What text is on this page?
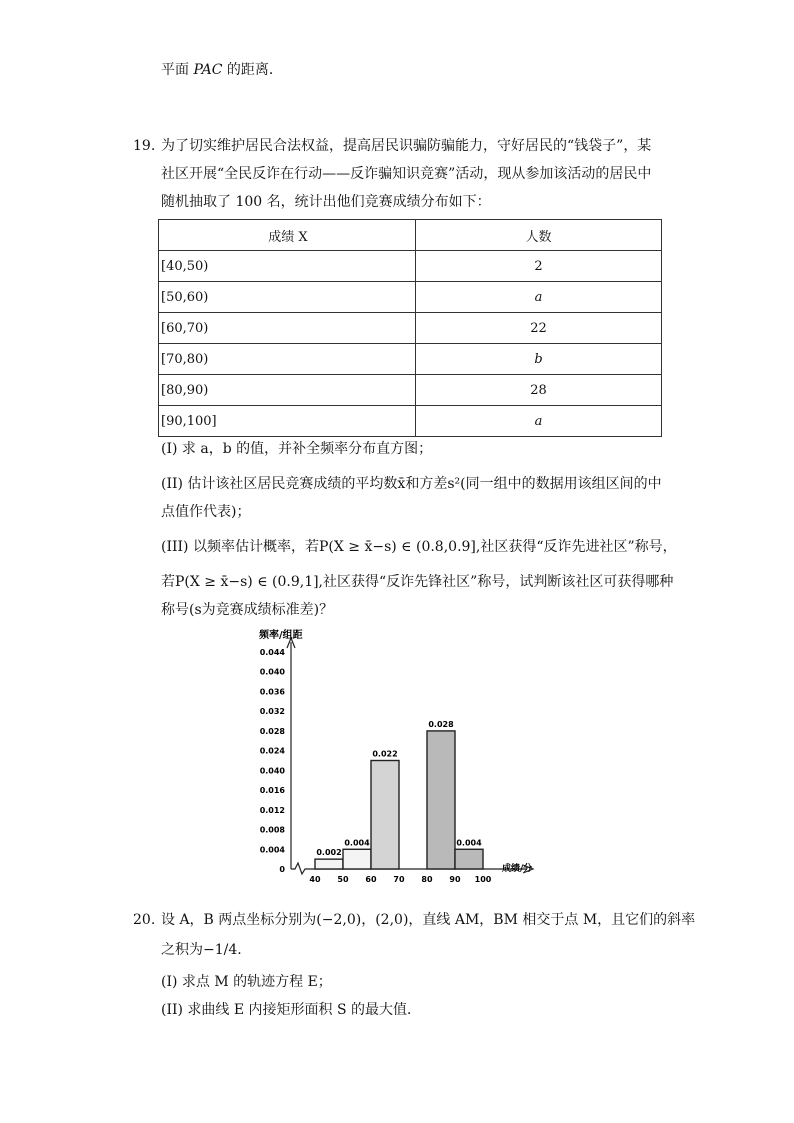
平面 PAC 的距离．
19. 为了切实维护居民合法权益，提高居民识骗防骗能力，守好居民的“钱袋子”，某
社区开展“全民反诈在行动——反诈骗知识竞赛”活动，现从参加该活动的居民中
随机抽取了 100 名，统计出他们竞赛成绩分布如下：
成绩 X	人数
[40,50)	2
[50,60)	a
[60,70)	22
[70,80)	b
[80,90)	28
[90,100]	a
(I) 求 a，b 的值，并补全频率分布直方图；
(II) 估计该社区居民竞赛成绩的平均数x̄和方差s²(同一组中的数据用该组区间的中
点值作代表)；
(III) 以频率估计概率，若P(X ≥ x̄−s) ∈ (0.8,0.9],社区获得“反诈先进社区”称号，
若P(X ≥ x̄−s) ∈ (0.9,1],社区获得“反诈先锋社区”称号，试判断该社区可获得哪种
称号(s为竞赛成绩标准差)？
频率/组距
0
0.004
0.008
0.012
0.016
0.040
0.024
0.028
0.032
0.036
0.040
0.044
40 50 60 70 80 90 100
成绩/分
0.002
0.004
0.022
0.028
0.004
20. 设 A，B 两点坐标分别为(−2,0)，(2,0)，直线 AM，BM 相交于点 M，且它们的斜率
之积为−1/4.
(I) 求点 M 的轨迹方程 E；
(II) 求曲线 E 内接矩形面积 S 的最大值．
